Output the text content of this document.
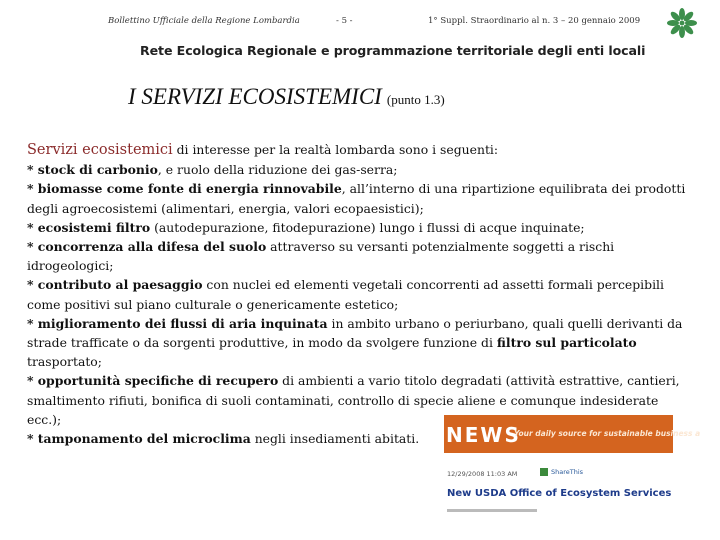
Bollettino Ufficiale della Regione Lombardia	- 5 -	1° Suppl. Straordinario al n. 3 – 20 gennaio 2009
Rete Ecologica Regionale e programmazione territoriale degli enti locali
I SERVIZI ECOSISTEMICI (punto 1.3)

Servizi ecosistemici di interesse per la realtà lombarda sono i seguenti:

* stock di carbonio, e ruolo della riduzione dei gas-serra;

* biomasse come fonte di energia rinnovabile, all’interno di una ripartizione equilibrata dei prodotti degli agroecosistemi (alimentari, energia, valori ecopaesistici);

* ecosistemi filtro (autodepurazione, fitodepurazione) lungo i flussi di acque inquinate;

* concorrenza alla difesa del suolo attraverso su versanti potenzialmente soggetti a rischi idrogeologici;

* contributo al paesaggio con nuclei ed elementi vegetali concorrenti ad assetti formali percepibili come positivi sul piano culturale o genericamente estetico;

* miglioramento dei flussi di aria inquinata in ambito urbano o periurbano, quali quelli derivanti da strade trafficate o da sorgenti produttive, in modo da svolgere funzione di filtro sul particolato trasportato;

* opportunità specifiche di recupero di ambienti a vario titolo degradati (attività estrattive, cantieri, smaltimento rifiuti, bonifica di suoli contaminati, controllo di specie aliene e comunque indesiderate ecc.);

* tamponamento del microclima negli insediamenti abitati.	NEWS
Your daily source for sustainable business a
12/29/2008 11:03 AM	ShareThis
New USDA Office of Ecosystem Services
